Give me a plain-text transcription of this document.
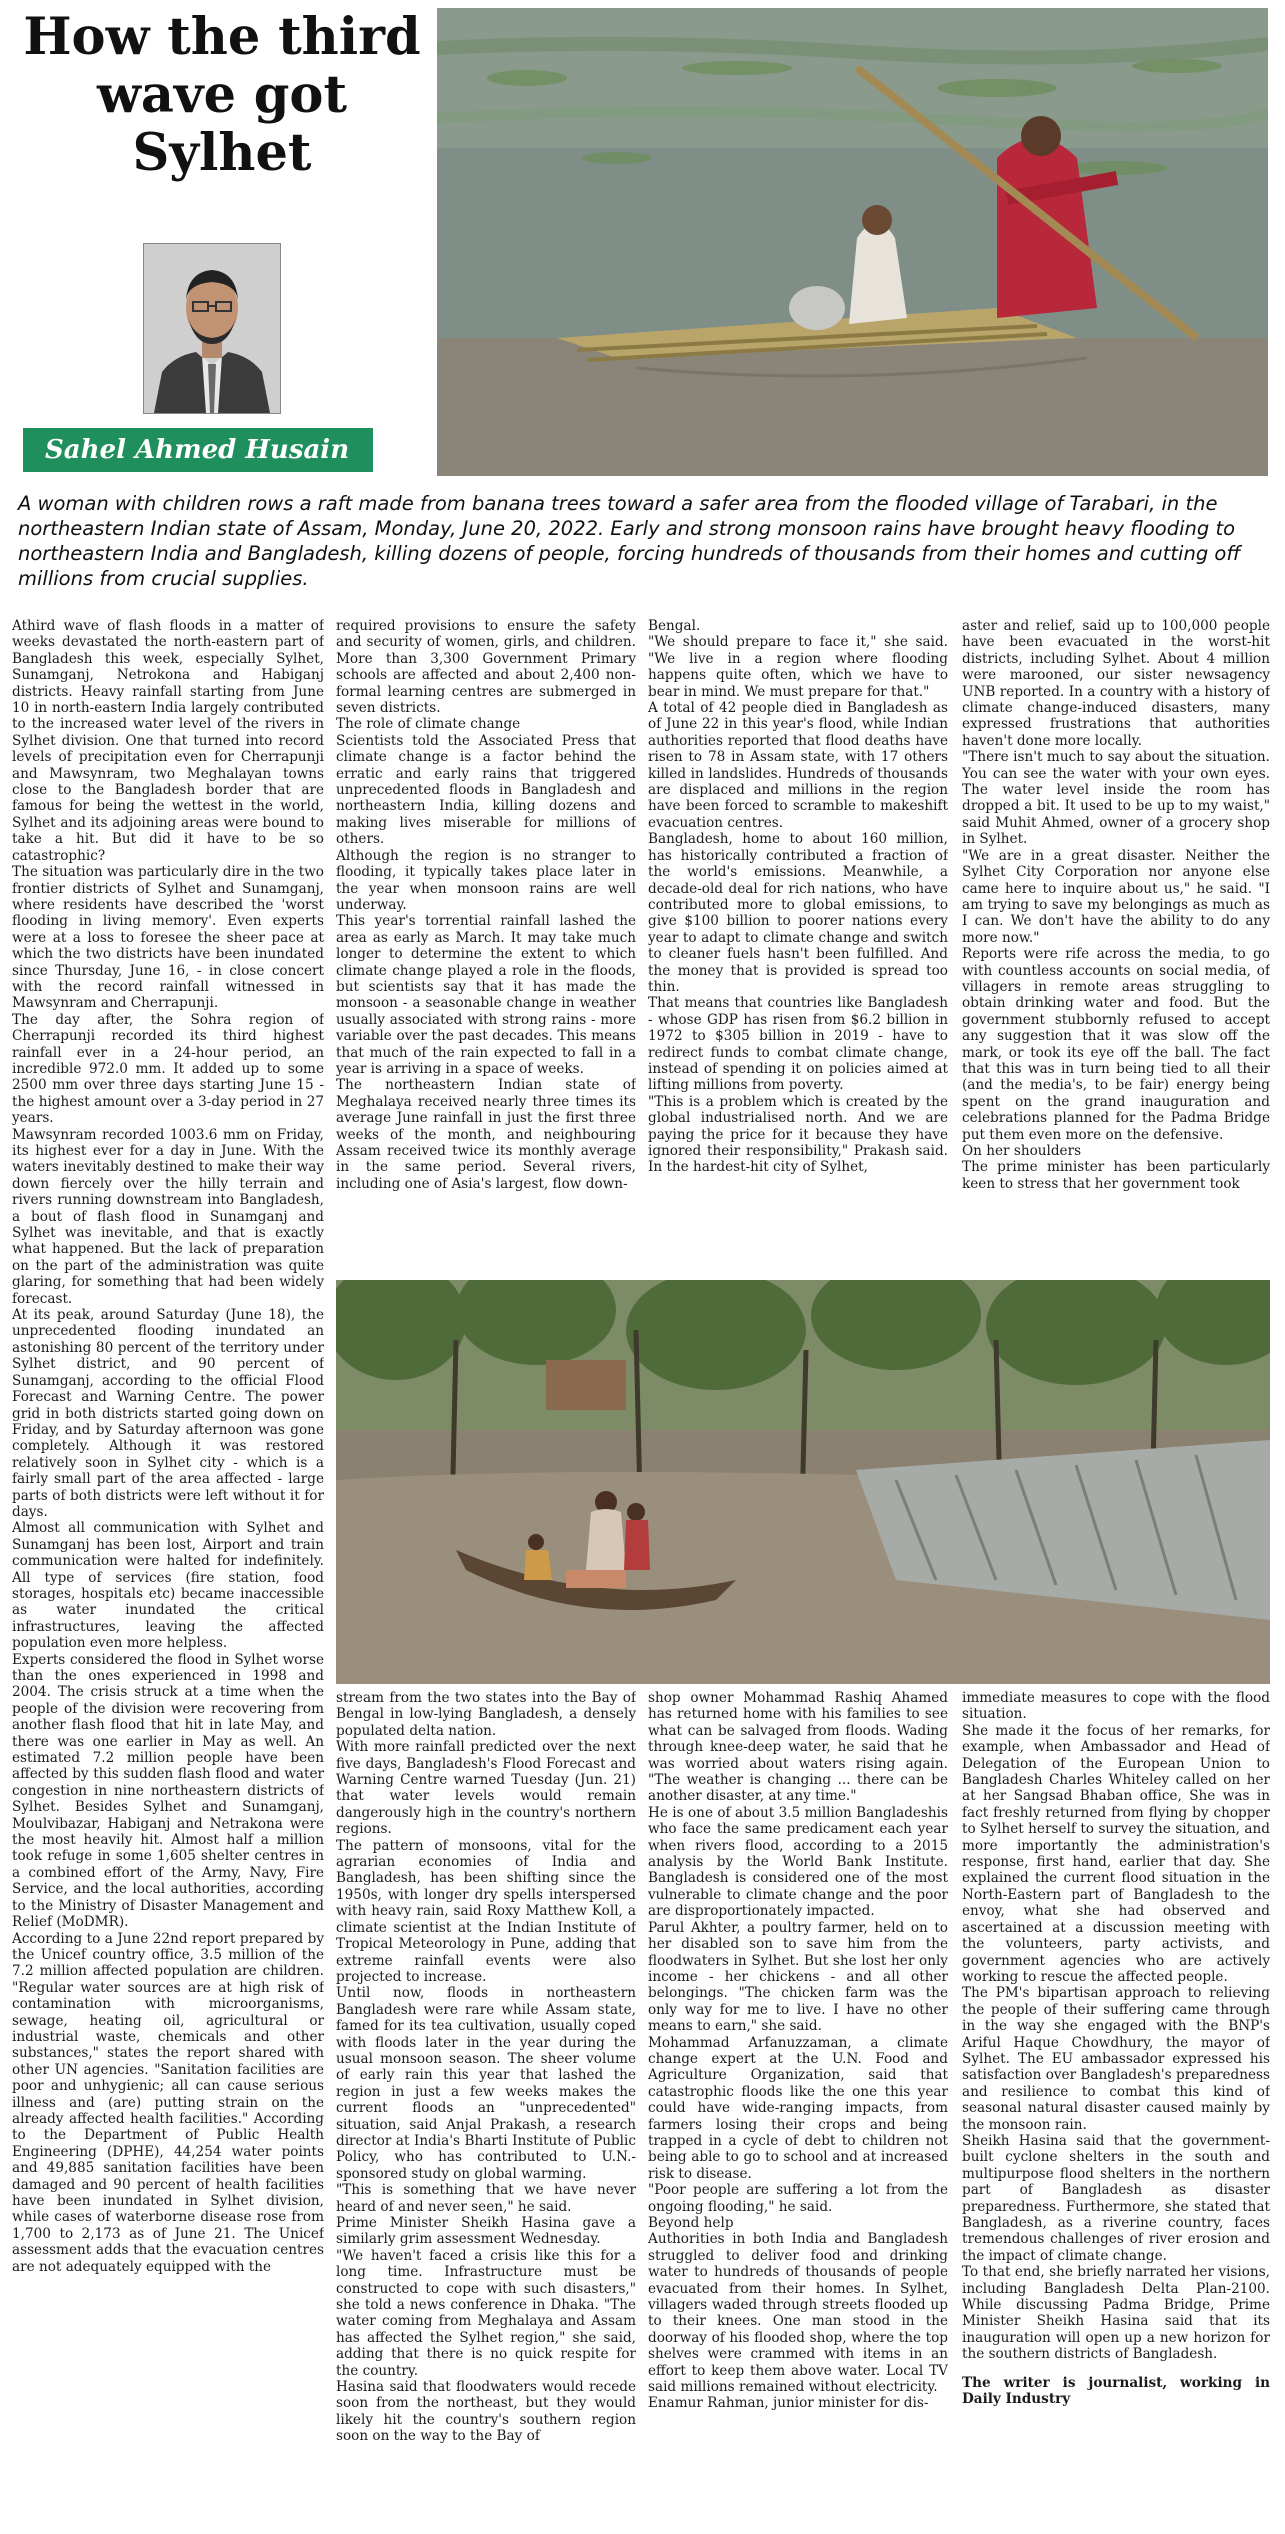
How the third wave got Sylhet
Sahel Ahmed Husain

A woman with children rows a raft made from banana trees toward a safer area from the flooded village of Tarabari, in the northeastern Indian state of Assam, Monday, June 20, 2022. Early and strong monsoon rains have brought heavy flooding to northeastern India and Bangladesh, killing dozens of people, forcing hundreds of thousands from their homes and cutting off millions from crucial supplies.

Athird wave of flash floods in a matter of weeks devastated the north-eastern part of Bangladesh this week, especially Sylhet, Sunamganj, Netrokona and Habiganj districts. Heavy rainfall starting from June 10 in north-eastern India largely contributed to the increased water level of the rivers in Sylhet division. One that turned into record levels of precipitation even for Cherrapunji and Mawsynram, two Meghalayan towns close to the Bangladesh border that are famous for being the wettest in the world, Sylhet and its adjoining areas were bound to take a hit. But did it have to be so catastrophic?

The situation was particularly dire in the two frontier districts of Sylhet and Sunamganj, where residents have described the 'worst flooding in living memory'. Even experts were at a loss to foresee the sheer pace at which the two districts have been inundated since Thursday, June 16, - in close concert with the record rainfall witnessed in Mawsynram and Cherrapunji.

The day after, the Sohra region of Cherrapunji recorded its third highest rainfall ever in a 24-hour period, an incredible 972.0 mm. It added up to some 2500 mm over three days starting June 15 - the highest amount over a 3-day period in 27 years.

Mawsynram recorded 1003.6 mm on Friday, its highest ever for a day in June. With the waters inevitably destined to make their way down fiercely over the hilly terrain and rivers running downstream into Bangladesh, a bout of flash flood in Sunamganj and Sylhet was inevitable, and that is exactly what happened. But the lack of preparation on the part of the administration was quite glaring, for something that had been widely forecast.

At its peak, around Saturday (June 18), the unprecedented flooding inundated an astonishing 80 percent of the territory under Sylhet district, and 90 percent of Sunamganj, according to the official Flood Forecast and Warning Centre. The power grid in both districts started going down on Friday, and by Saturday afternoon was gone completely. Although it was restored relatively soon in Sylhet city - which is a fairly small part of the area affected - large parts of both districts were left without it for days.

Almost all communication with Sylhet and Sunamganj has been lost, Airport and train communication were halted for indefinitely. All type of services (fire station, food storages, hospitals etc) became inaccessible as water inundated the critical infrastructures, leaving the affected population even more helpless.

Experts considered the flood in Sylhet worse than the ones experienced in 1998 and 2004. The crisis struck at a time when the people of the division were recovering from another flash flood that hit in late May, and there was one earlier in May as well. An estimated 7.2 million people have been affected by this sudden flash flood and water congestion in nine northeastern districts of Sylhet. Besides Sylhet and Sunamganj, Moulvibazar, Habiganj and Netrakona were the most heavily hit. Almost half a million took refuge in some 1,605 shelter centres in a combined effort of the Army, Navy, Fire Service, and the local authorities, according to the Ministry of Disaster Management and Relief (MoDMR).

According to a June 22nd report prepared by the Unicef country office, 3.5 million of the 7.2 million affected population are children. "Regular water sources are at high risk of contamination with microorganisms, sewage, heating oil, agricultural or industrial waste, chemicals and other substances," states the report shared with other UN agencies. "Sanitation facilities are poor and unhygienic; all can cause serious illness and (are) putting strain on the already affected health facilities." According to the Department of Public Health Engineering (DPHE), 44,254 water points and 49,885 sanitation facilities have been damaged and 90 percent of health facilities have been inundated in Sylhet division, while cases of waterborne disease rose from 1,700 to 2,173 as of June 21. The Unicef assessment adds that the evacuation centres are not adequately equipped with the

required provisions to ensure the safety and security of women, girls, and children. More than 3,300 Government Primary schools are affected and about 2,400 non-formal learning centres are submerged in seven districts.

The role of climate change

Scientists told the Associated Press that climate change is a factor behind the erratic and early rains that triggered unprecedented floods in Bangladesh and northeastern India, killing dozens and making lives miserable for millions of others.

Although the region is no stranger to flooding, it typically takes place later in the year when monsoon rains are well underway.

This year's torrential rainfall lashed the area as early as March. It may take much longer to determine the extent to which climate change played a role in the floods, but scientists say that it has made the monsoon - a seasonable change in weather usually associated with strong rains - more variable over the past decades. This means that much of the rain expected to fall in a year is arriving in a space of weeks.

The northeastern Indian state of Meghalaya received nearly three times its average June rainfall in just the first three weeks of the month, and neighbouring Assam received twice its monthly average in the same period. Several rivers, including one of Asia's largest, flow down-

Bengal.

"We should prepare to face it," she said. "We live in a region where flooding happens quite often, which we have to bear in mind. We must prepare for that."

A total of 42 people died in Bangladesh as of June 22 in this year's flood, while Indian authorities reported that flood deaths have risen to 78 in Assam state, with 17 others killed in landslides. Hundreds of thousands are displaced and millions in the region have been forced to scramble to makeshift evacuation centres.

Bangladesh, home to about 160 million, has historically contributed a fraction of the world's emissions. Meanwhile, a decade-old deal for rich nations, who have contributed more to global emissions, to give $100 billion to poorer nations every year to adapt to climate change and switch to cleaner fuels hasn't been fulfilled. And the money that is provided is spread too thin.

That means that countries like Bangladesh - whose GDP has risen from $6.2 billion in 1972 to $305 billion in 2019 - have to redirect funds to combat climate change, instead of spending it on policies aimed at lifting millions from poverty.

"This is a problem which is created by the global industrialised north. And we are paying the price for it because they have ignored their responsibility," Prakash said. In the hardest-hit city of Sylhet,

aster and relief, said up to 100,000 people have been evacuated in the worst-hit districts, including Sylhet. About 4 million were marooned, our sister newsagency UNB reported. In a country with a history of climate change-induced disasters, many expressed frustrations that authorities haven't done more locally.

"There isn't much to say about the situation. You can see the water with your own eyes. The water level inside the room has dropped a bit. It used to be up to my waist," said Muhit Ahmed, owner of a grocery shop in Sylhet.

"We are in a great disaster. Neither the Sylhet City Corporation nor anyone else came here to inquire about us," he said. "I am trying to save my belongings as much as I can. We don't have the ability to do any more now."

Reports were rife across the media, to go with countless accounts on social media, of villagers in remote areas struggling to obtain drinking water and food. But the government stubbornly refused to accept any suggestion that it was slow off the mark, or took its eye off the ball. The fact that this was in turn being tied to all their (and the media's, to be fair) energy being spent on the grand inauguration and celebrations planned for the Padma Bridge put them even more on the defensive.

On her shoulders

The prime minister has been particularly keen to stress that her government took

stream from the two states into the Bay of Bengal in low-lying Bangladesh, a densely populated delta nation.

With more rainfall predicted over the next five days, Bangladesh's Flood Forecast and Warning Centre warned Tuesday (Jun. 21) that water levels would remain dangerously high in the country's northern regions.

The pattern of monsoons, vital for the agrarian economies of India and Bangladesh, has been shifting since the 1950s, with longer dry spells interspersed with heavy rain, said Roxy Matthew Koll, a climate scientist at the Indian Institute of Tropical Meteorology in Pune, adding that extreme rainfall events were also projected to increase.

Until now, floods in northeastern Bangladesh were rare while Assam state, famed for its tea cultivation, usually coped with floods later in the year during the usual monsoon season. The sheer volume of early rain this year that lashed the region in just a few weeks makes the current floods an "unprecedented" situation, said Anjal Prakash, a research director at India's Bharti Institute of Public Policy, who has contributed to U.N.-sponsored study on global warming.

"This is something that we have never heard of and never seen," he said.

Prime Minister Sheikh Hasina gave a similarly grim assessment Wednesday.

"We haven't faced a crisis like this for a long time. Infrastructure must be constructed to cope with such disasters," she told a news conference in Dhaka. "The water coming from Meghalaya and Assam has affected the Sylhet region," she said, adding that there is no quick respite for the country.

Hasina said that floodwaters would recede soon from the northeast, but they would likely hit the country's southern region soon on the way to the Bay of

shop owner Mohammad Rashiq Ahamed has returned home with his families to see what can be salvaged from floods. Wading through knee-deep water, he said that he was worried about waters rising again. "The weather is changing ... there can be another disaster, at any time."

He is one of about 3.5 million Bangladeshis who face the same predicament each year when rivers flood, according to a 2015 analysis by the World Bank Institute. Bangladesh is considered one of the most vulnerable to climate change and the poor are disproportionately impacted.

Parul Akhter, a poultry farmer, held on to her disabled son to save him from the floodwaters in Sylhet. But she lost her only income - her chickens - and all other belongings. "The chicken farm was the only way for me to live. I have no other means to earn," she said.

Mohammad Arfanuzzaman, a climate change expert at the U.N. Food and Agriculture Organization, said that catastrophic floods like the one this year could have wide-ranging impacts, from farmers losing their crops and being trapped in a cycle of debt to children not being able to go to school and at increased risk to disease.

"Poor people are suffering a lot from the ongoing flooding," he said.

Beyond help

Authorities in both India and Bangladesh struggled to deliver food and drinking water to hundreds of thousands of people evacuated from their homes. In Sylhet, villagers waded through streets flooded up to their knees. One man stood in the doorway of his flooded shop, where the top shelves were crammed with items in an effort to keep them above water. Local TV said millions remained without electricity.

Enamur Rahman, junior minister for dis-

immediate measures to cope with the flood situation.

She made it the focus of her remarks, for example, when Ambassador and Head of Delegation of the European Union to Bangladesh Charles Whiteley called on her at her Sangsad Bhaban office, She was in fact freshly returned from flying by chopper to Sylhet herself to survey the situation, and more importantly the administration's response, first hand, earlier that day. She explained the current flood situation in the North-Eastern part of Bangladesh to the envoy, what she had observed and ascertained at a discussion meeting with the volunteers, party activists, and government agencies who are actively working to rescue the affected people.

The PM's bipartisan approach to relieving the people of their suffering came through in the way she engaged with the BNP's Ariful Haque Chowdhury, the mayor of Sylhet. The EU ambassador expressed his satisfaction over Bangladesh's preparedness and resilience to combat this kind of seasonal natural disaster caused mainly by the monsoon rain.

Sheikh Hasina said that the government-built cyclone shelters in the south and multipurpose flood shelters in the northern part of Bangladesh as disaster preparedness. Furthermore, she stated that Bangladesh, as a riverine country, faces tremendous challenges of river erosion and the impact of climate change.

To that end, she briefly narrated her visions, including Bangladesh Delta Plan-2100. While discussing Padma Bridge, Prime Minister Sheikh Hasina said that its inauguration will open up a new horizon for the southern districts of Bangladesh.

The writer is journalist, working in Daily Industry
